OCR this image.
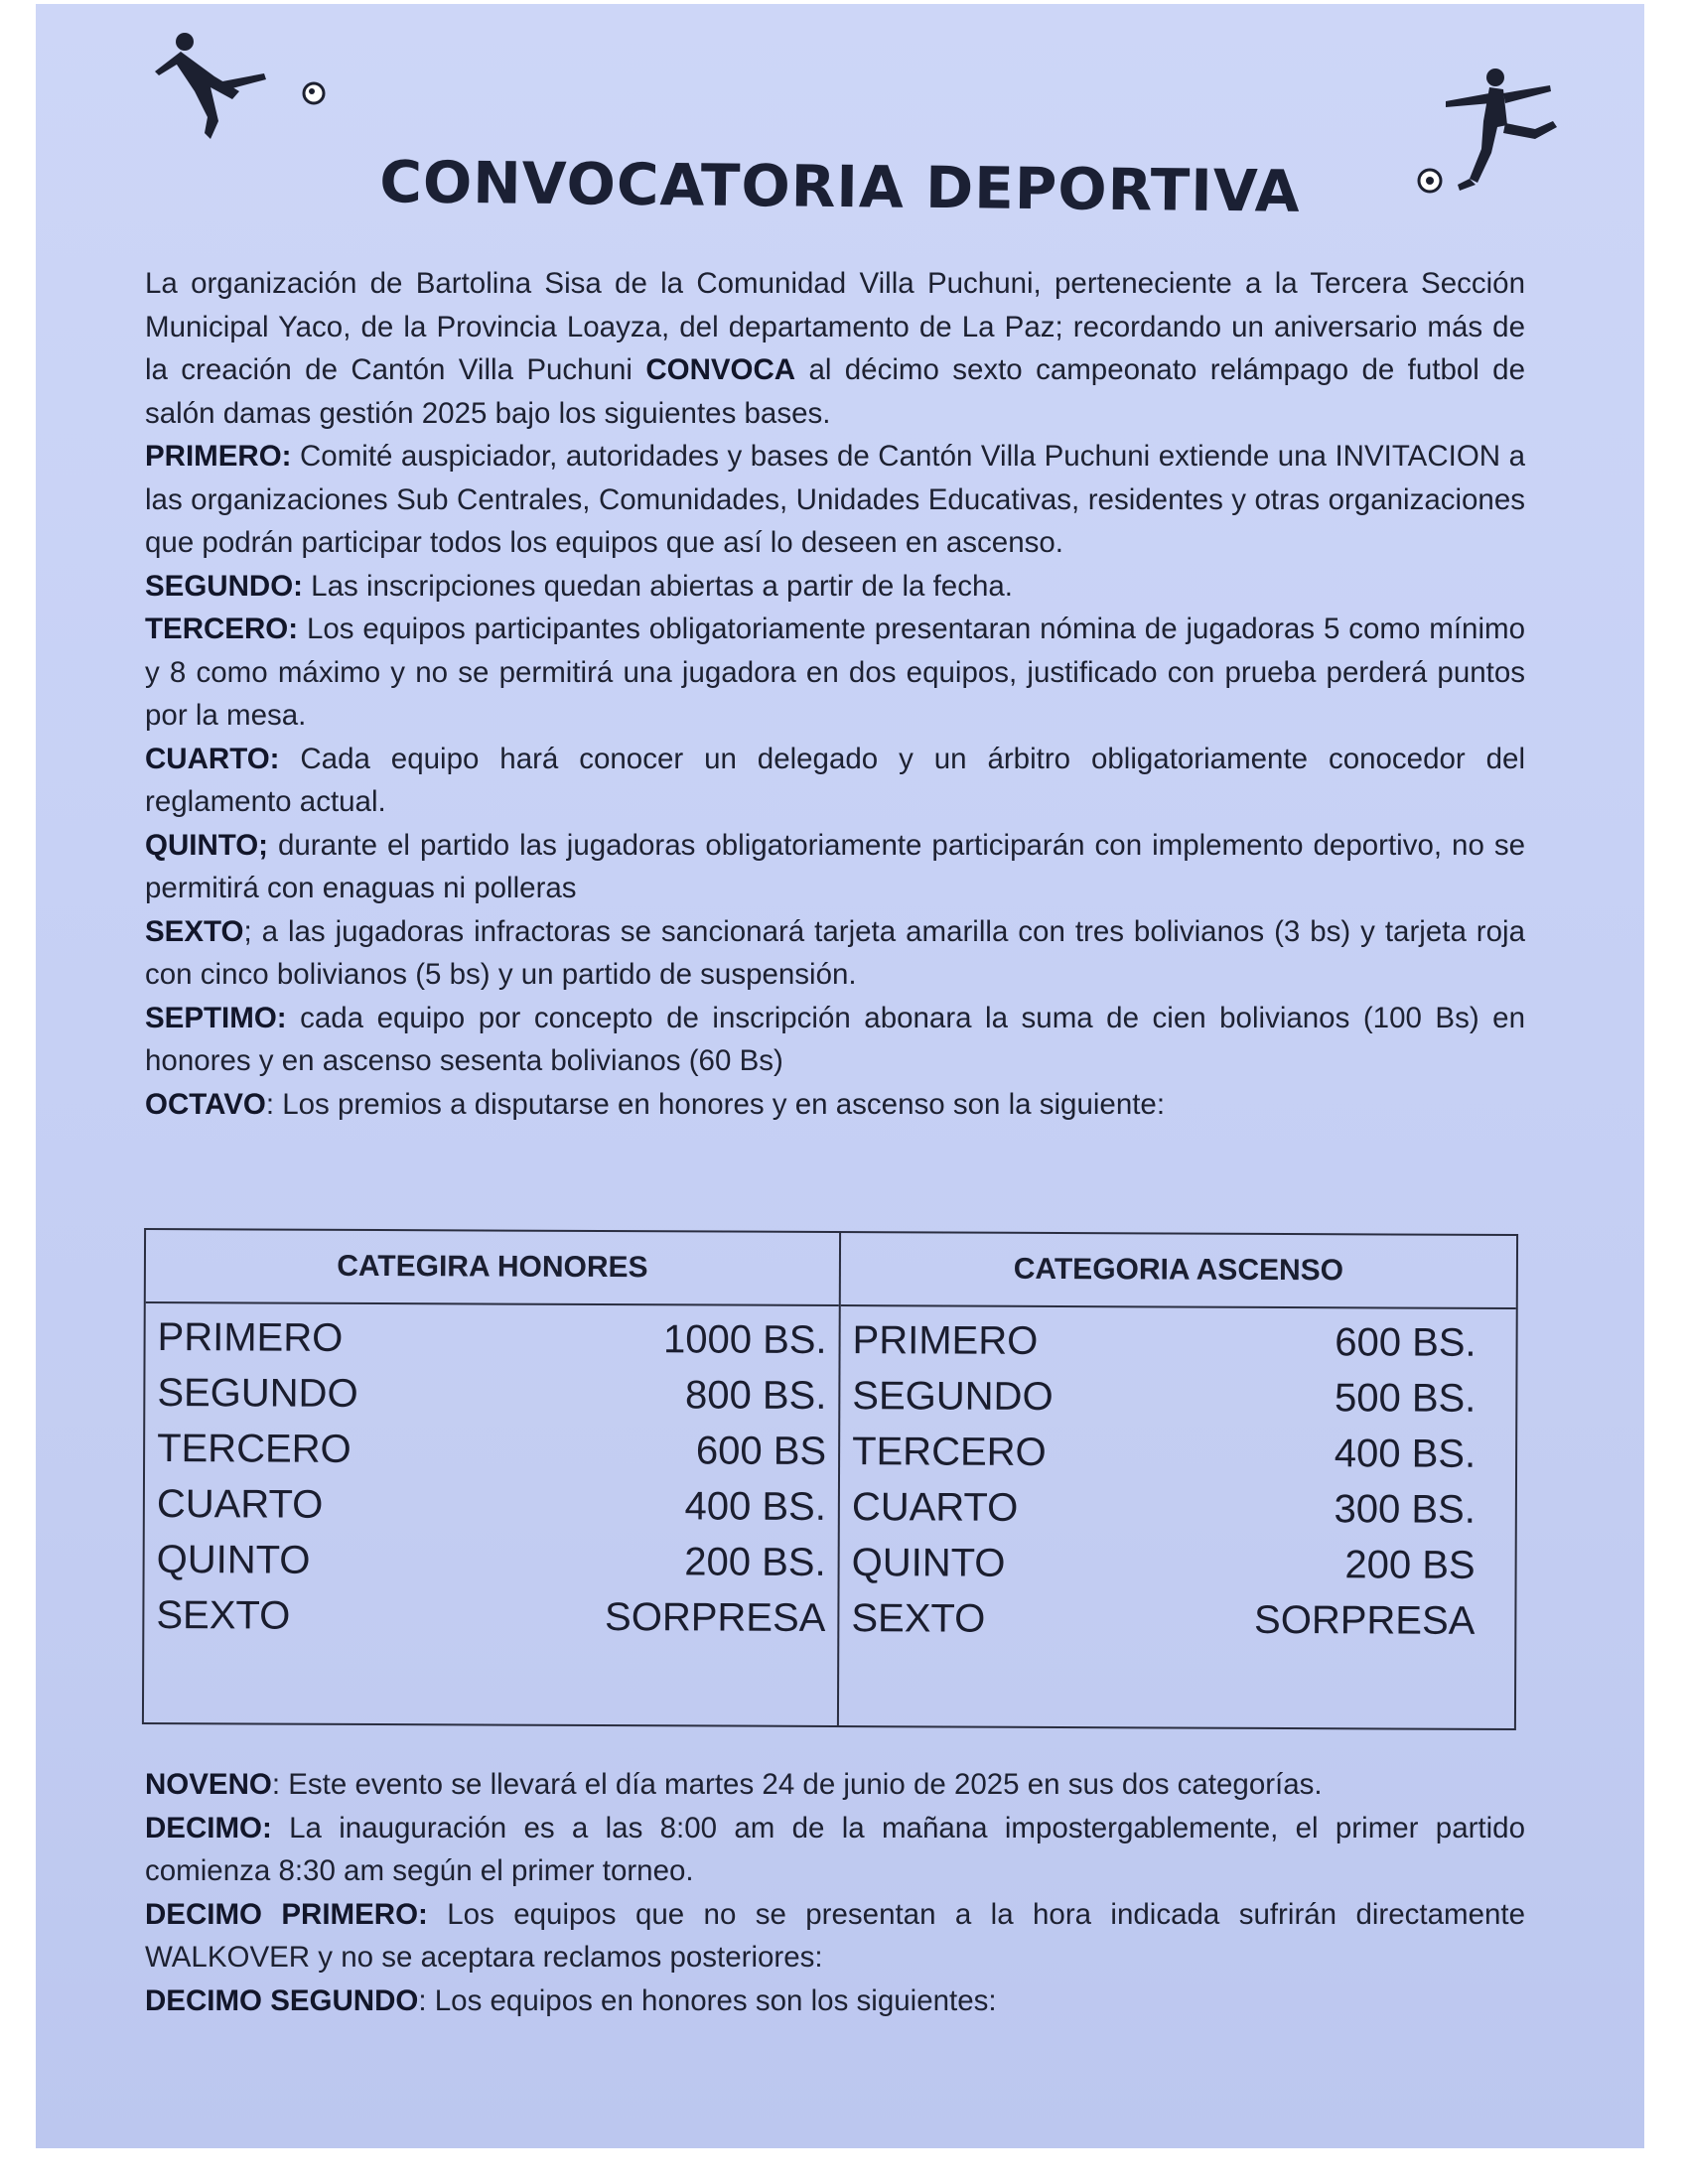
CONVOCATORIA DEPORTIVA

La organización de Bartolina Sisa de la Comunidad Villa Puchuni, perteneciente a la Tercera Sección Municipal Yaco, de la Provincia Loayza, del departamento de La Paz; recordando un aniversario más de la creación de Cantón Villa Puchuni CONVOCA al décimo sexto campeonato relámpago de futbol de salón damas gestión 2025 bajo los siguientes bases.

PRIMERO: Comité auspiciador, autoridades y bases de Cantón Villa Puchuni extiende una INVITACION a las organizaciones Sub Centrales, Comunidades, Unidades Educativas, residentes y otras organizaciones que podrán participar todos los equipos que así lo deseen en ascenso.

SEGUNDO: Las inscripciones quedan abiertas a partir de la fecha.

TERCERO: Los equipos participantes obligatoriamente presentaran nómina de jugadoras 5 como mínimo y 8 como máximo y no se permitirá una jugadora en dos equipos, justificado con prueba perderá puntos por la mesa.

CUARTO: Cada equipo hará conocer un delegado y un árbitro obligatoriamente conocedor del reglamento actual.

QUINTO; durante el partido las jugadoras obligatoriamente participarán con implemento deportivo, no se permitirá con enaguas ni polleras

SEXTO; a las jugadoras infractoras se sancionará tarjeta amarilla con tres bolivianos (3 bs) y tarjeta roja con cinco bolivianos (5 bs) y un partido de suspensión.

SEPTIMO: cada equipo por concepto de inscripción abonara la suma de cien bolivianos (100 Bs) en honores y en ascenso sesenta bolivianos (60 Bs)

OCTAVO: Los premios a disputarse en honores y en ascenso son la siguiente:

CATEGIRA HONORES
PRIMERO	1000 BS.
SEGUNDO	800 BS.
TERCERO	600 BS
CUARTO	400 BS.
QUINTO	200 BS.
SEXTO	SORPRESA
CATEGORIA ASCENSO
PRIMERO	600 BS.
SEGUNDO	500 BS.
TERCERO	400 BS.
CUARTO	300 BS.
QUINTO	200 BS
SEXTO	SORPRESA

NOVENO: Este evento se llevará el día martes 24 de junio de 2025 en sus dos categorías.

DECIMO: La inauguración es a las 8:00 am de la mañana impostergablemente, el primer partido comienza 8:30 am según el primer torneo.

DECIMO PRIMERO: Los equipos que no se presentan a la hora indicada sufrirán directamente WALKOVER y no se aceptara reclamos posteriores:

DECIMO SEGUNDO: Los equipos en honores son los siguientes:
